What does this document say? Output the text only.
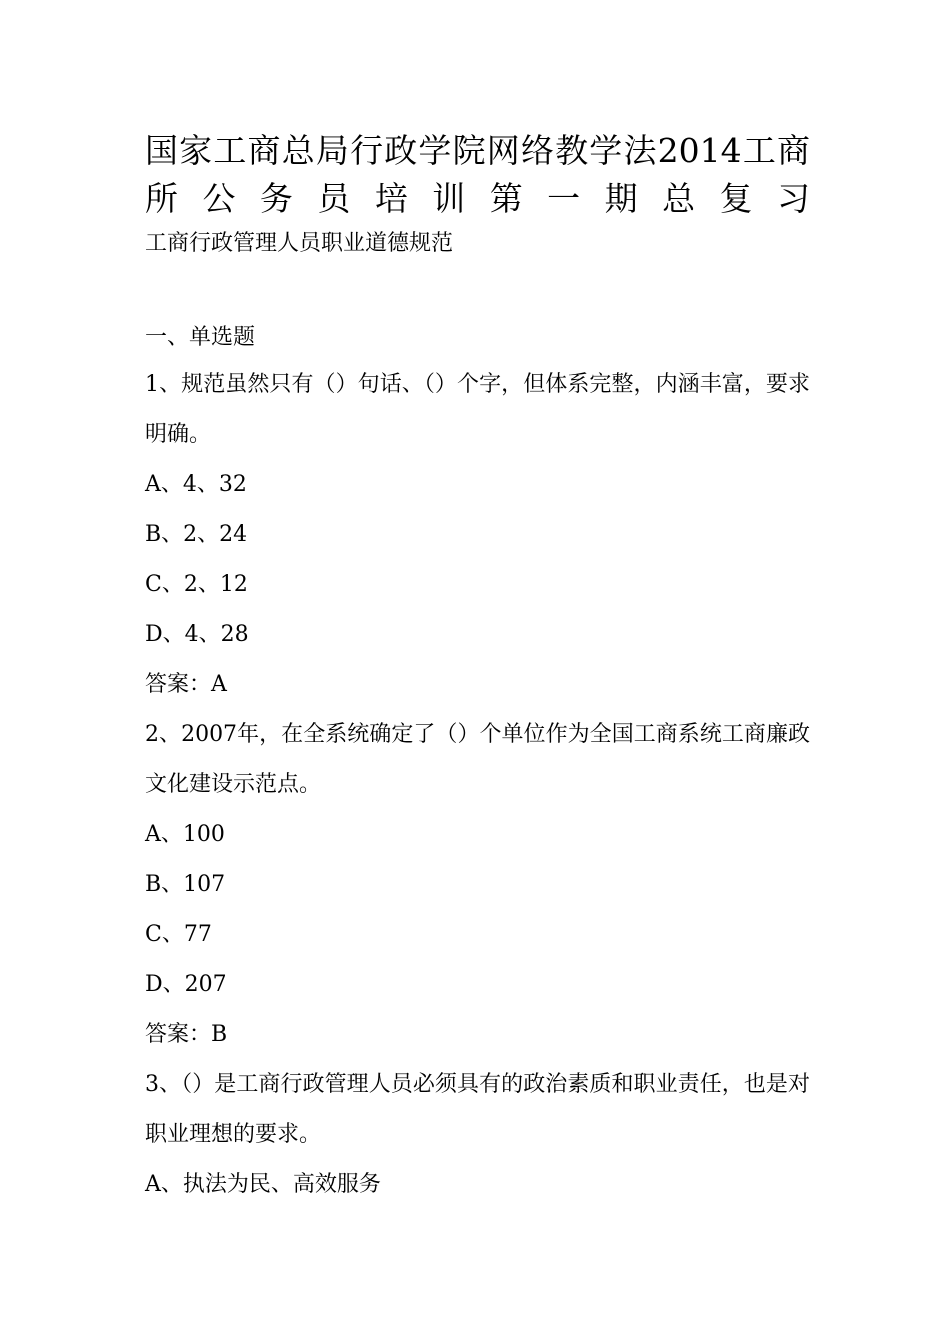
国家工商总局行政学院网络教学法2014工商所公务员培训第一期总复习
工商行政管理人员职业道德规范
一、单选题

1、规范虽然只有（）句话、（）个字，但体系完整，内涵丰富，要求明确。

A、4、32

B、2、24

C、2、12

D、4、28

答案：A

2、2007年，在全系统确定了（）个单位作为全国工商系统工商廉政文化建设示范点。

A、100

B、107

C、77

D、207

答案：B

3、（）是工商行政管理人员必须具有的政治素质和职业责任，也是对职业理想的要求。

A、执法为民、高效服务
